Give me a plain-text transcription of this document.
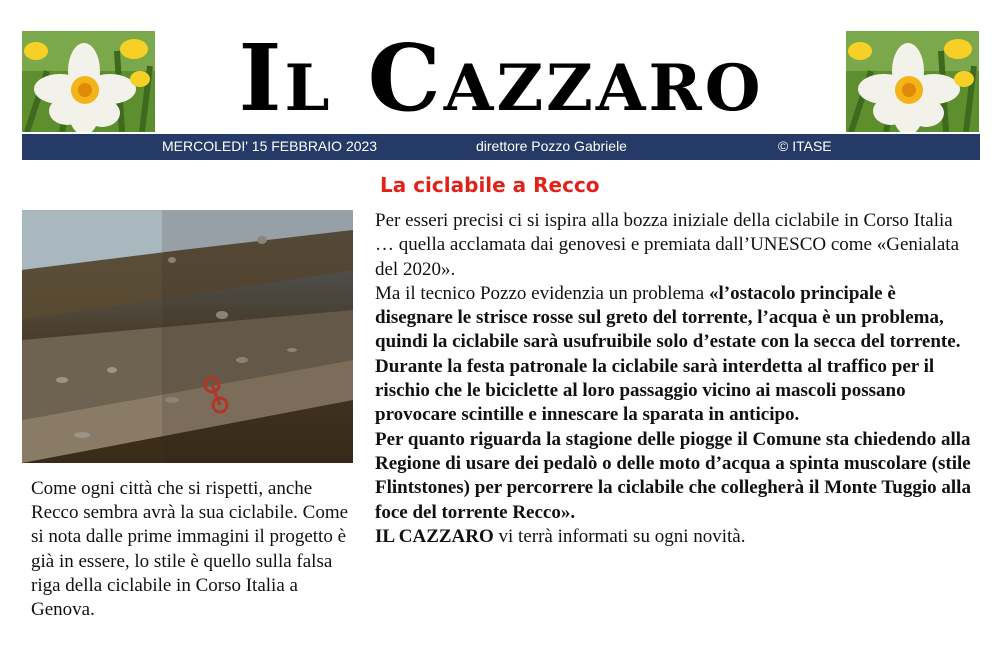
Il Cazzaro
MERCOLEDI' 15 FEBBRAIO 2023	direttore Pozzo Gabriele	© ITASE
La ciclabile a Recco
Come ogni città che si rispetti, anche Recco sembra avrà la sua ciclabile. Come si nota dalle prime immagini il progetto è già in essere, lo stile è quello sulla falsa riga della ciclabile in Corso Italia a Genova.

Per esseri precisi ci si ispira alla bozza iniziale della ciclabile in Corso Italia … quella acclamata dai genovesi e premiata dall’UNESCO come «Genialata del 2020».

Ma il tecnico Pozzo evidenzia un problema «l’ostacolo principale è disegnare le strisce rosse sul greto del torrente, l’acqua è un problema, quindi la ciclabile sarà usufruibile solo d’estate con la secca del torrente.

Durante la festa patronale la ciclabile sarà interdetta al traffico per il rischio che le biciclette al loro passaggio vicino ai mascoli possano provocare scintille e innescare la sparata in anticipo.

Per quanto riguarda la stagione delle piogge il Comune sta chiedendo alla Regione di usare dei pedalò o delle moto d’acqua a spinta muscolare (stile Flintstones) per percorrere la ciclabile che collegherà il Monte Tuggio alla foce del torrente Recco».

IL CAZZARO vi terrà informati su ogni novità.
